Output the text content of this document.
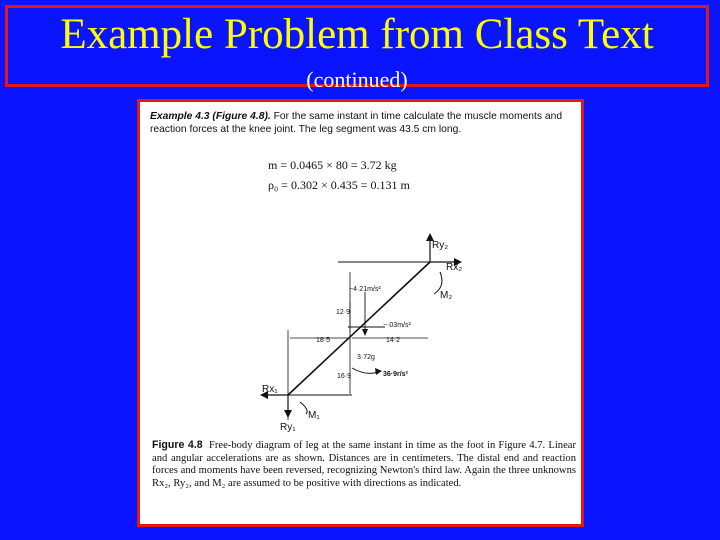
Example Problem from Class Text
(continued)
Example 4.3 (Figure 4.8). For the same instant in time calculate the muscle moments and reaction forces at the knee joint. The leg segment was 43.5 cm long.
m = 0.0465 × 80 = 3.72 kg
ρ₀ = 0.302 × 0.435 = 0.131 m
Ry₂
Rx₂
M₂
−4·21m/s²
12·9
−·03m/s²
18·5	14·2
3·72g
16·9	36·9r/s²
Rx₁
M₁
Ry₁
Figure 4.8 Free-body diagram of leg at the same instant in time as the foot in Figure 4.7. Linear and angular accelerations are as shown. Distances are in centimeters. The distal end and reaction forces and moments have been reversed, recognizing Newton's third law. Again the three unknowns Rx₂, Ry₂, and M₂ are assumed to be positive with directions as indicated.
